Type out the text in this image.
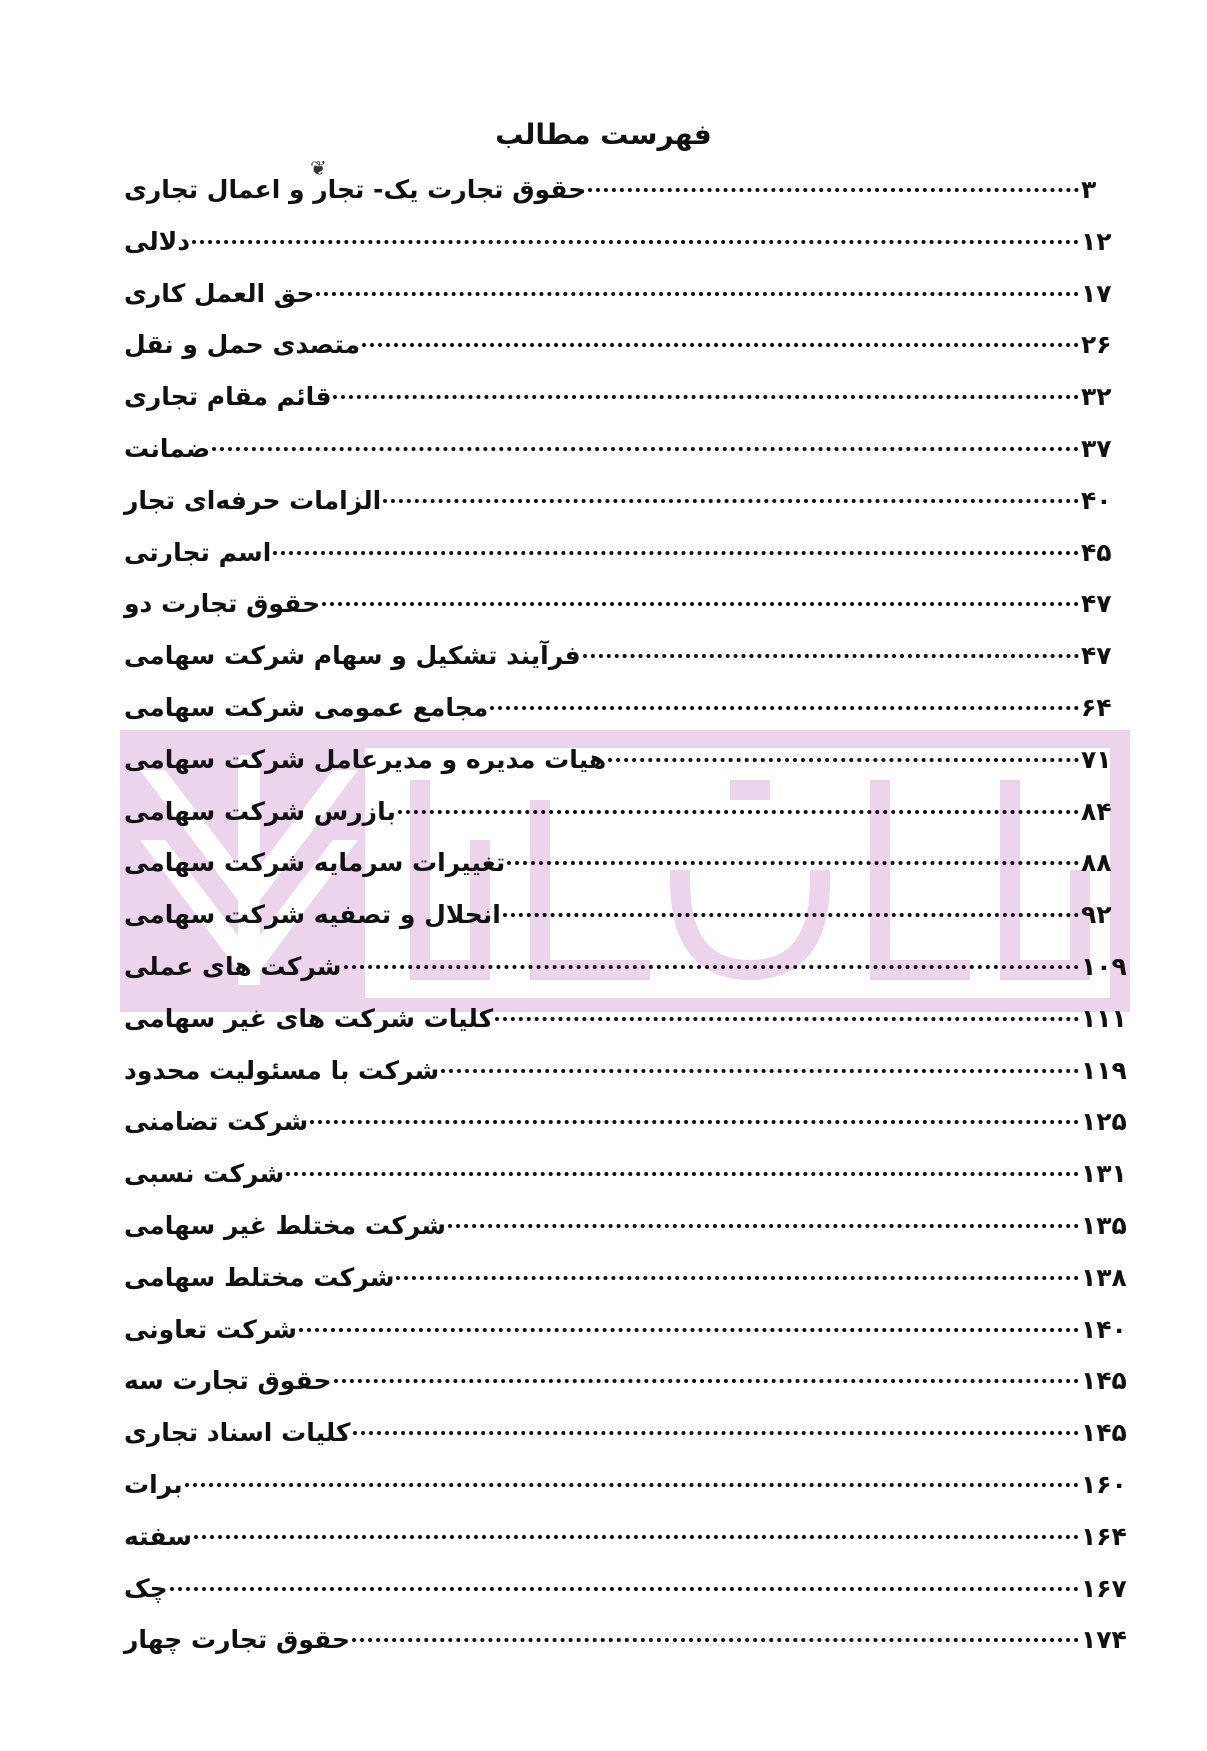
فهرست مطالب
❦
حقوق تجارت یک- تجار و اعمال تجاری	۳
دلالی	۱۲
حق العمل کاری	۱۷
متصدی حمل و نقل	۲۶
قائم مقام تجاری	۳۲
ضمانت	۳۷
الزامات حرفه‌ای تجار	۴۰
اسم تجارتی	۴۵
حقوق تجارت دو	۴۷
فرآیند تشکیل و سهام شرکت سهامی	۴۷
مجامع عمومی شرکت سهامی	۶۴
هیات مدیره و مدیرعامل شرکت سهامی	۷۱
بازرس شرکت سهامی	۸۴
تغییرات سرمایه شرکت سهامی	۸۸
انحلال و تصفیه شرکت سهامی	۹۲
شرکت های عملی	۱۰۹
کلیات شرکت های غیر سهامی	۱۱۱
شرکت با مسئولیت محدود	۱۱۹
شرکت تضامنی	۱۲۵
شرکت نسبی	۱۳۱
شرکت مختلط غیر سهامی	۱۳۵
شرکت مختلط سهامی	۱۳۸
شرکت تعاونی	۱۴۰
حقوق تجارت سه	۱۴۵
کلیات اسناد تجاری	۱۴۵
برات	۱۶۰
سفته	۱۶۴
چک	۱۶۷
حقوق تجارت چهار	۱۷۴
